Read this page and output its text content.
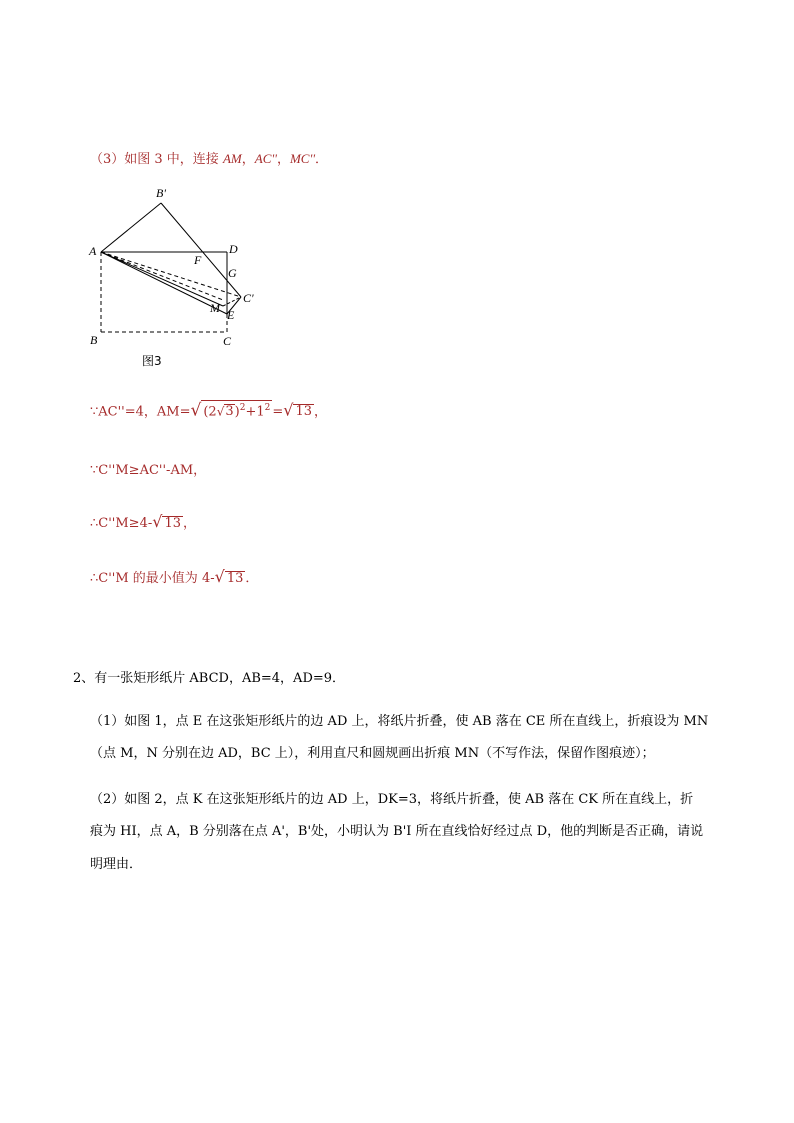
（3）如图 3 中，连接 AM，AC''，MC''．
B'
A	D
F
G
C'
M E
B	C
图3
∵AC''=4，AM=√ $(2√3)^2+1^2$ =√ 13 ，
∵C''M≥AC''-AM，
∴C''M≥4-√ 13 ，
∴C''M 的最小值为 4-√ 13 ．
2、有一张矩形纸片 ABCD，AB=4，AD=9．
（1）如图 1，点 E 在这张矩形纸片的边 AD 上，将纸片折叠，使 AB 落在 CE 所在直线上，折痕设为 MN
（点 M，N 分别在边 AD，BC 上），利用直尺和圆规画出折痕 MN（不写作法，保留作图痕迹）；
（2）如图 2，点 K 在这张矩形纸片的边 AD 上，DK=3，将纸片折叠，使 AB 落在 CK 所在直线上，折
痕为 HI，点 A，B 分别落在点 A'，B'处，小明认为 B'I 所在直线恰好经过点 D，他的判断是否正确，请说
明理由．
